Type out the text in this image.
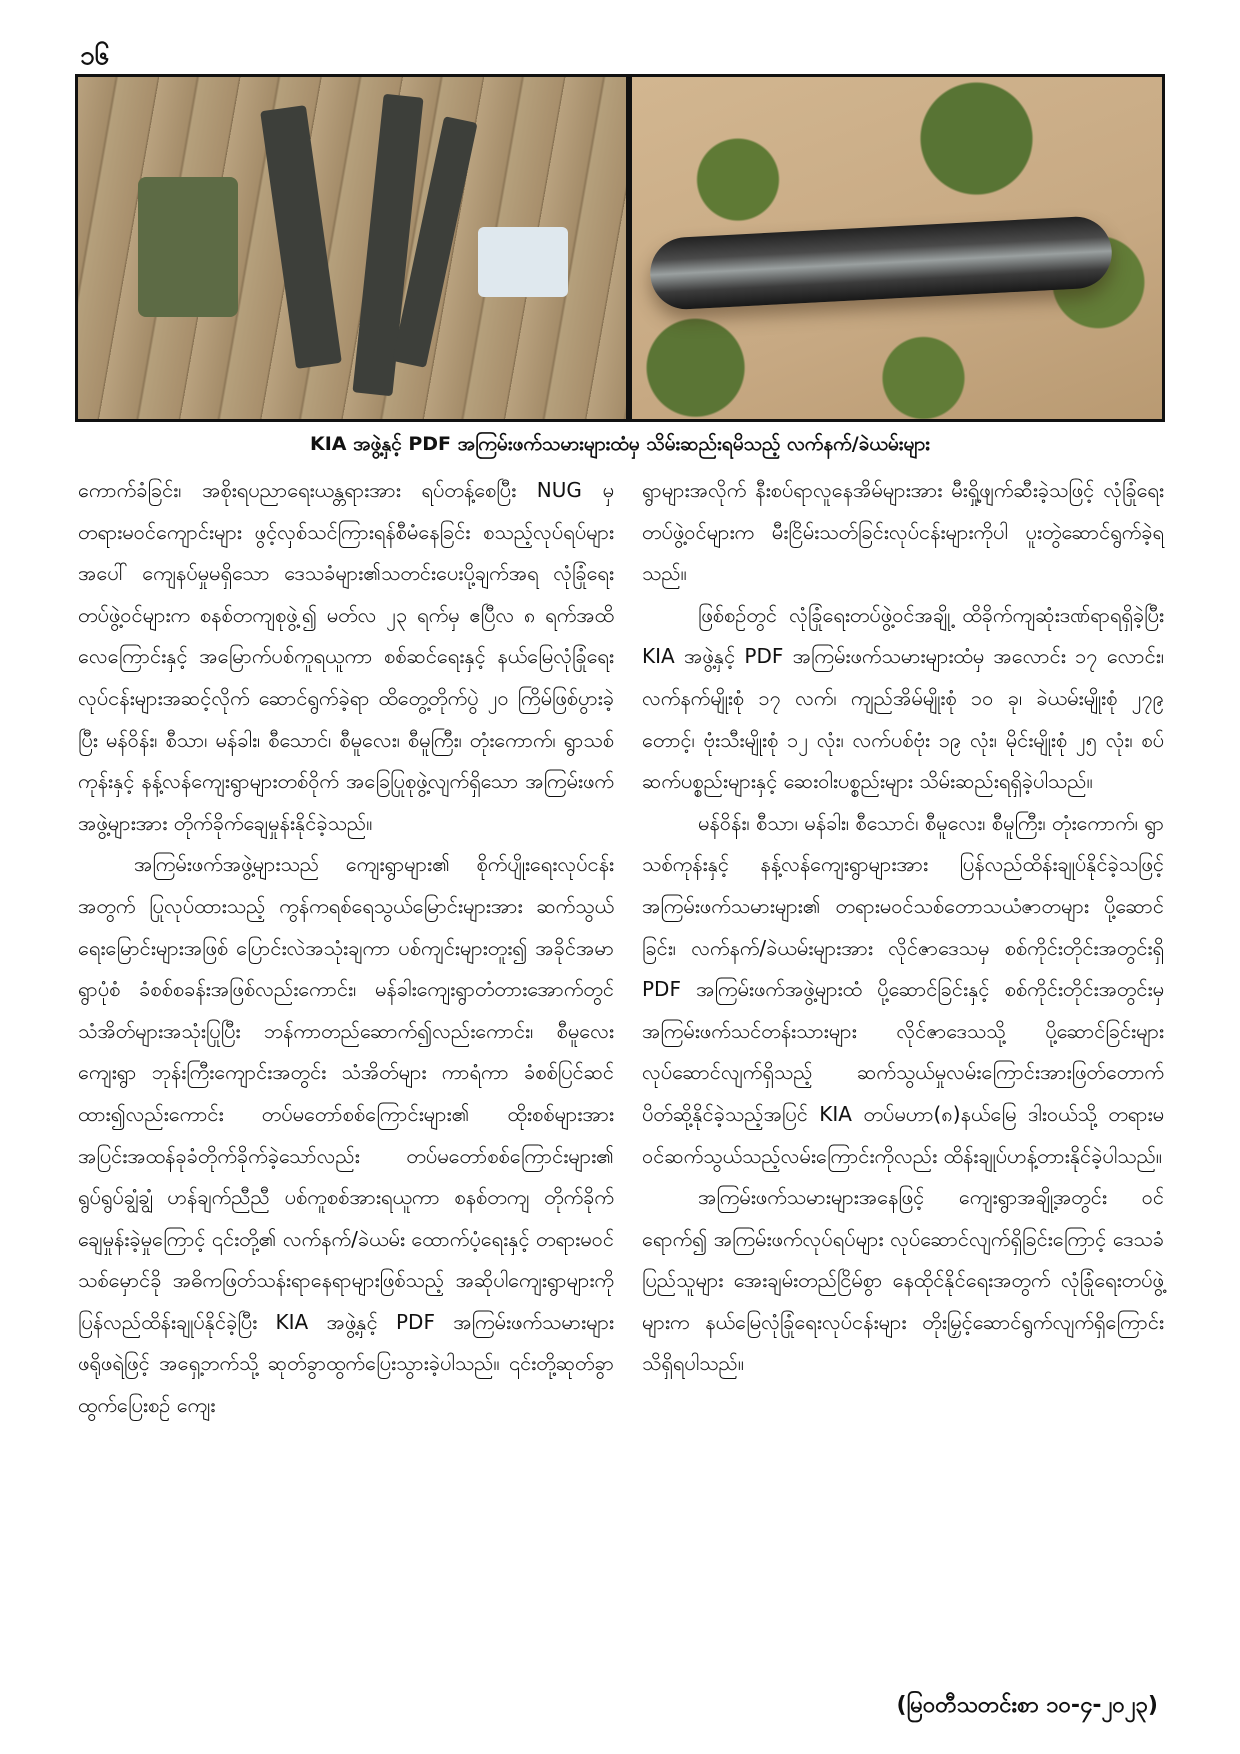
၁၆
KIA အဖွဲ့နှင့် PDF အကြမ်းဖက်သမားများထံမှ သိမ်းဆည်းရမိသည့် လက်နက်/ခဲယမ်းများ

ကောက်ခံခြင်း၊ အစိုးရပညာရေးယန္တရားအား ရပ်တန့်စေပြီး NUG မှ တရားမဝင်ကျောင်းများ ဖွင့်လှစ်သင်ကြားရန်စီမံနေခြင်း စသည့်လုပ်ရပ်များအပေါ် ကျေနပ်မှုမရှိသော ဒေသခံများ၏သတင်းပေးပို့ချက်အရ လုံခြုံရေးတပ်ဖွဲ့ဝင်များက စနစ်တကျစုဖွဲ့၍ မတ်လ ၂၃ ရက်မှ ဧပြီလ ၈ ရက်အထိ လေကြောင်းနှင့် အမြောက်ပစ်ကူရယူကာ စစ်ဆင်ရေးနှင့် နယ်မြေလုံခြုံရေးလုပ်ငန်းများအဆင့်လိုက် ဆောင်ရွက်ခဲ့ရာ ထိတွေ့တိုက်ပွဲ ၂၀ ကြိမ်ဖြစ်ပွားခဲ့ပြီး မန်ဝိန်း၊ စီသာ၊ မန်ခါး၊ စီသောင်၊ စီမူလေး၊ စီမူကြီး၊ တုံးကောက်၊ ရွာသစ်ကုန်းနှင့် နန့်လန်ကျေးရွာများတစ်ဝိုက် အခြေပြုစုဖွဲ့လျက်ရှိသော အကြမ်းဖက်အဖွဲ့များအား တိုက်ခိုက်ချေမှုန်းနိုင်ခဲ့သည်။

အကြမ်းဖက်အဖွဲ့များသည် ကျေးရွာများ၏ စိုက်ပျိုးရေးလုပ်ငန်းအတွက် ပြုလုပ်ထားသည့် ကွန်ကရစ်ရေသွယ်မြောင်းများအား ဆက်သွယ်ရေးမြောင်းများအဖြစ် ပြောင်းလဲအသုံးချကာ ပစ်ကျင်းများတူး၍ အခိုင်အမာရွာပုံစံ ခံစစ်စခန်းအဖြစ်လည်းကောင်း၊ မန်ခါးကျေးရွာတံတားအောက်တွင် သံအိတ်များအသုံးပြုပြီး ဘန်ကာတည်ဆောက်၍လည်းကောင်း၊ စီမူလေးကျေးရွာ ဘုန်းကြီးကျောင်းအတွင်း သံအိတ်များ ကာရံကာ ခံစစ်ပြင်ဆင်ထား၍လည်းကောင်း တပ်မတော်စစ်ကြောင်းများ၏ ထိုးစစ်များအား အပြင်းအထန်ခုခံတိုက်ခိုက်ခဲ့သော်လည်း တပ်မတော်စစ်ကြောင်းများ၏ ရွပ်ရွပ်ချွံချွံ ဟန်ချက်ညီညီ ပစ်ကူစစ်အားရယူကာ စနစ်တကျ တိုက်ခိုက်ချေမှုန်းခဲ့မှုကြောင့် ၎င်းတို့၏ လက်နက်/ခဲယမ်း ထောက်ပံ့ရေးနှင့် တရားမဝင်သစ်မှောင်ခို အဓိကဖြတ်သန်းရာနေရာများဖြစ်သည့် အဆိုပါကျေးရွာများကို ပြန်လည်ထိန်းချုပ်နိုင်ခဲ့ပြီး KIA အဖွဲ့နှင့် PDF အကြမ်းဖက်သမားများ ဖရိုဖရဲဖြင့် အရှေ့ဘက်သို့ ဆုတ်ခွာထွက်ပြေးသွားခဲ့ပါသည်။ ၎င်းတို့ဆုတ်ခွာထွက်ပြေးစဉ် ကျေး

ရွာများအလိုက် နီးစပ်ရာလူနေအိမ်များအား မီးရှို့ဖျက်ဆီးခဲ့သဖြင့် လုံခြုံရေးတပ်ဖွဲ့ဝင်များက မီးငြိမ်းသတ်ခြင်းလုပ်ငန်းများကိုပါ ပူးတွဲဆောင်ရွက်ခဲ့ရသည်။

ဖြစ်စဉ်တွင် လုံခြုံရေးတပ်ဖွဲ့ဝင်အချို့ ထိခိုက်ကျဆုံးဒဏ်ရာရရှိခဲ့ပြီး KIA အဖွဲ့နှင့် PDF အကြမ်းဖက်သမားများထံမှ အလောင်း ၁၇ လောင်း၊ လက်နက်မျိုးစုံ ၁၇ လက်၊ ကျည်အိမ်မျိုးစုံ ၁၀ ခု၊ ခဲယမ်းမျိုးစုံ ၂၇၉ တောင့်၊ ဗုံးသီးမျိုးစုံ ၁၂ လုံး၊ လက်ပစ်ဗုံး ၁၉ လုံး၊ မိုင်းမျိုးစုံ ၂၅ လုံး၊ စပ်ဆက်ပစ္စည်းများနှင့် ဆေးဝါးပစ္စည်းများ သိမ်းဆည်းရရှိခဲ့ပါသည်။

မန်ဝိန်း၊ စီသာ၊ မန်ခါး၊ စီသောင်၊ စီမူလေး၊ စီမူကြီး၊ တုံးကောက်၊ ရွာသစ်ကုန်းနှင့် နန့်လန်ကျေးရွာများအား ပြန်လည်ထိန်းချုပ်နိုင်ခဲ့သဖြင့် အကြမ်းဖက်သမားများ၏ တရားမဝင်သစ်တောသယံဇာတများ ပို့ဆောင်ခြင်း၊ လက်နက်/ခဲယမ်းများအား လိုင်ဇာဒေသမှ စစ်ကိုင်းတိုင်းအတွင်းရှိ PDF အကြမ်းဖက်အဖွဲ့များထံ ပို့ဆောင်ခြင်းနှင့် စစ်ကိုင်းတိုင်းအတွင်းမှ အကြမ်းဖက်သင်တန်းသားများ လိုင်ဇာဒေသသို့ ပို့ဆောင်ခြင်းများ လုပ်ဆောင်လျက်ရှိသည့် ဆက်သွယ်မှုလမ်းကြောင်းအားဖြတ်တောက်ပိတ်ဆို့နိုင်ခဲ့သည့်အပြင် KIA တပ်မဟာ(၈)နယ်မြေ ဒါးဝယ်သို့ တရားမဝင်ဆက်သွယ်သည့်လမ်းကြောင်းကိုလည်း ထိန်းချုပ်ဟန့်တားနိုင်ခဲ့ပါသည်။

အကြမ်းဖက်သမားများအနေဖြင့် ကျေးရွာအချို့အတွင်း ဝင်ရောက်၍ အကြမ်းဖက်လုပ်ရပ်များ လုပ်ဆောင်လျက်ရှိခြင်းကြောင့် ဒေသခံပြည်သူများ အေးချမ်းတည်ငြိမ်စွာ နေထိုင်နိုင်ရေးအတွက် လုံခြုံရေးတပ်ဖွဲ့များက နယ်မြေလုံခြုံရေးလုပ်ငန်းများ တိုးမြှင့်ဆောင်ရွက်လျက်ရှိကြောင်း သိရှိရပါသည်။

(မြဝတီသတင်းစာ ၁၀-၄-၂၀၂၃)
